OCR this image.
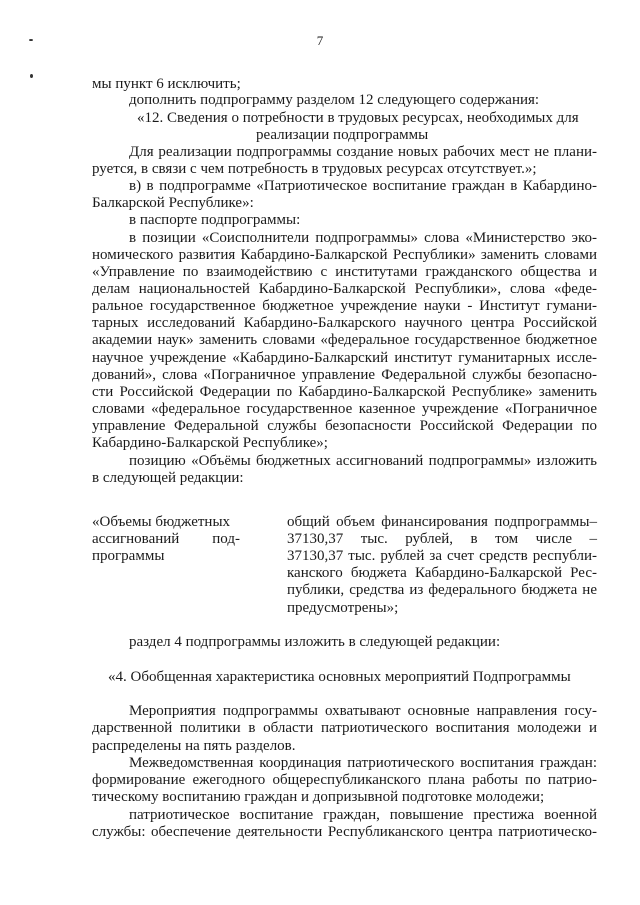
7
мы пункт 6 исключить;
дополнить подпрограмму разделом 12 следующего содержания:
«12. Сведения о потребности в трудовых ресурсах, необходимых для
реализации подпрограммы
Для реализации подпрограммы создание новых рабочих мест не плани-
руется, в связи с чем потребность в трудовых ресурсах отсутствует.»;
в) в подпрограмме «Патриотическое воспитание граждан в Кабардино-
Балкарской Республике»:
в паспорте подпрограммы:
в позиции «Соисполнители подпрограммы» слова «Министерство эко-
номического развития Кабардино-Балкарской Республики» заменить словами
«Управление по взаимодействию с институтами гражданского общества и
делам национальностей Кабардино-Балкарской Республики», слова «феде-
ральное государственное бюджетное учреждение науки - Институт гумани-
тарных исследований Кабардино-Балкарского научного центра Российской
академии наук» заменить словами «федеральное государственное бюджетное
научное учреждение «Кабардино-Балкарский институт гуманитарных иссле-
дований», слова «Пограничное управление Федеральной службы безопасно-
сти Российской Федерации по Кабардино-Балкарской Республике» заменить
словами «федеральное государственное казенное учреждение «Пограничное
управление Федеральной службы безопасности Российской Федерации по
Кабардино-Балкарской Республике»;
позицию «Объёмы бюджетных ассигнований подпрограммы» изложить
в следующей редакции:
«Объемы бюджетных
ассигнований под-
программы
общий объем финансирования подпрограммы–
37130,37 тыс. рублей, в том числе –
37130,37 тыс. рублей за счет средств республи-
канского бюджета Кабардино-Балкарской Рес-
публики, средства из федерального бюджета не
предусмотрены»;
раздел 4 подпрограммы изложить в следующей редакции:
«4. Обобщенная характеристика основных мероприятий Подпрограммы
Мероприятия подпрограммы охватывают основные направления госу-
дарственной политики в области патриотического воспитания молодежи и
распределены на пять разделов.
Межведомственная координация патриотического воспитания граждан:
формирование ежегодного общереспубликанского плана работы по патрио-
тическому воспитанию граждан и допризывной подготовке молодежи;
патриотическое воспитание граждан, повышение престижа военной
службы: обеспечение деятельности Республиканского центра патриотическо-
